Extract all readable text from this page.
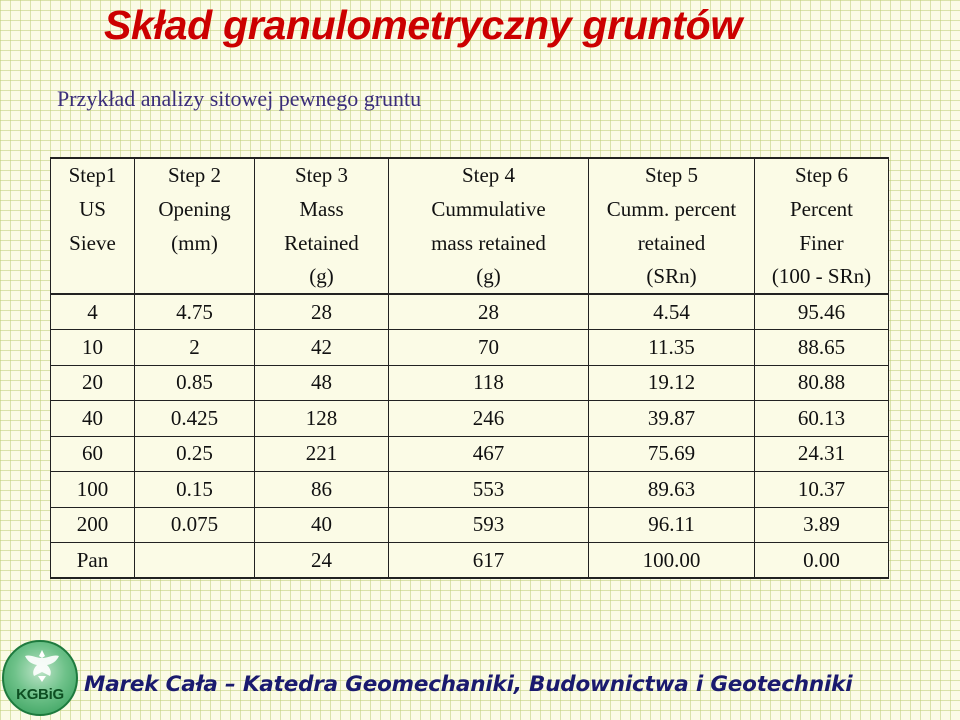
Skład granulometryczny gruntów
Przykład analizy sitowej pewnego gruntu
Step1	Step 2	Step 3	Step 4	Step 5	Step 6
US	Opening	Mass	Cummulative	Cumm. percent	Percent
Sieve	(mm)	Retained	mass retained	retained	Finer
		(g)	(g)	(SRn)	(100 - SRn)
4	4.75	28	28	4.54	95.46
10	2	42	70	11.35	88.65
20	0.85	48	118	19.12	80.88
40	0.425	128	246	39.87	60.13
60	0.25	221	467	75.69	24.31
100	0.15	86	553	89.63	10.37
200	0.075	40	593	96.11	3.89
Pan		24	617	100.00	0.00
KGBiG Marek Cała – Katedra Geomechaniki, Budownictwa i Geotechniki
